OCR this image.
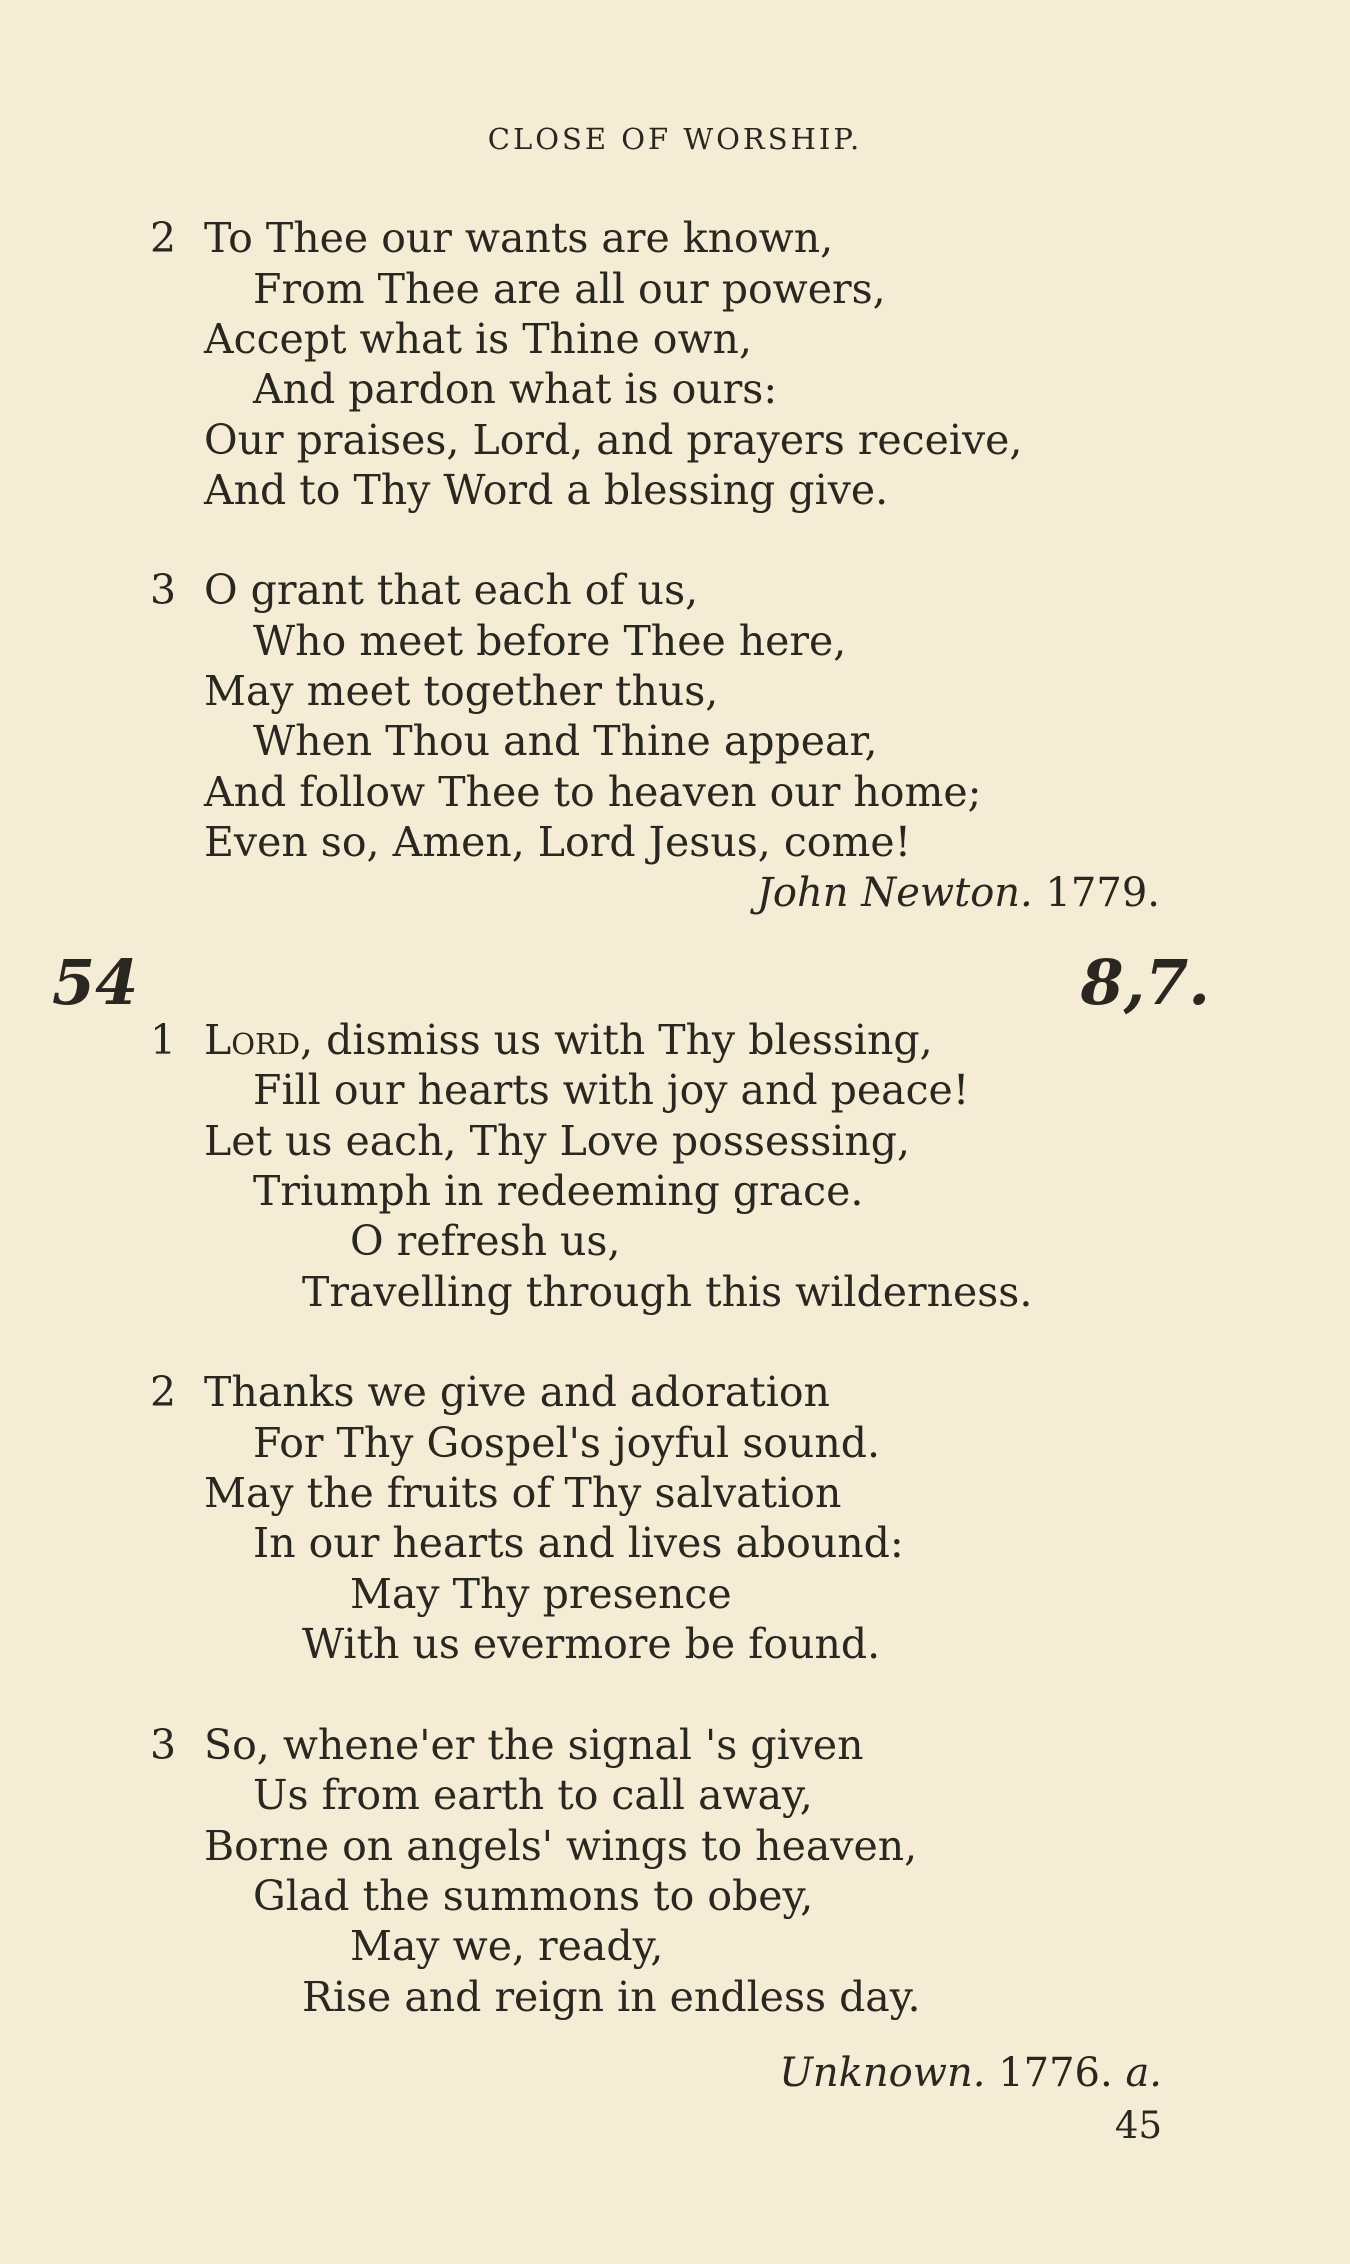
CLOSE OF WORSHIP.
2 To Thee our wants are known,
From Thee are all our powers,
Accept what is Thine own,
And pardon what is ours:
Our praises, Lord, and prayers receive,
And to Thy Word a blessing give.
3 O grant that each of us,
Who meet before Thee here,
May meet together thus,
When Thou and Thine appear,
And follow Thee to heaven our home;
Even so, Amen, Lord Jesus, come!
John Newton. 1779.
54	8,7.
1 Lord, dismiss us with Thy blessing,
Fill our hearts with joy and peace!
Let us each, Thy Love possessing,
Triumph in redeeming grace.
O refresh us,
Travelling through this wilderness.
2 Thanks we give and adoration
For Thy Gospel's joyful sound.
May the fruits of Thy salvation
In our hearts and lives abound:
May Thy presence
With us evermore be found.
3 So, whene'er the signal 's given
Us from earth to call away,
Borne on angels' wings to heaven,
Glad the summons to obey,
May we, ready,
Rise and reign in endless day.
Unknown. 1776. a.
45
